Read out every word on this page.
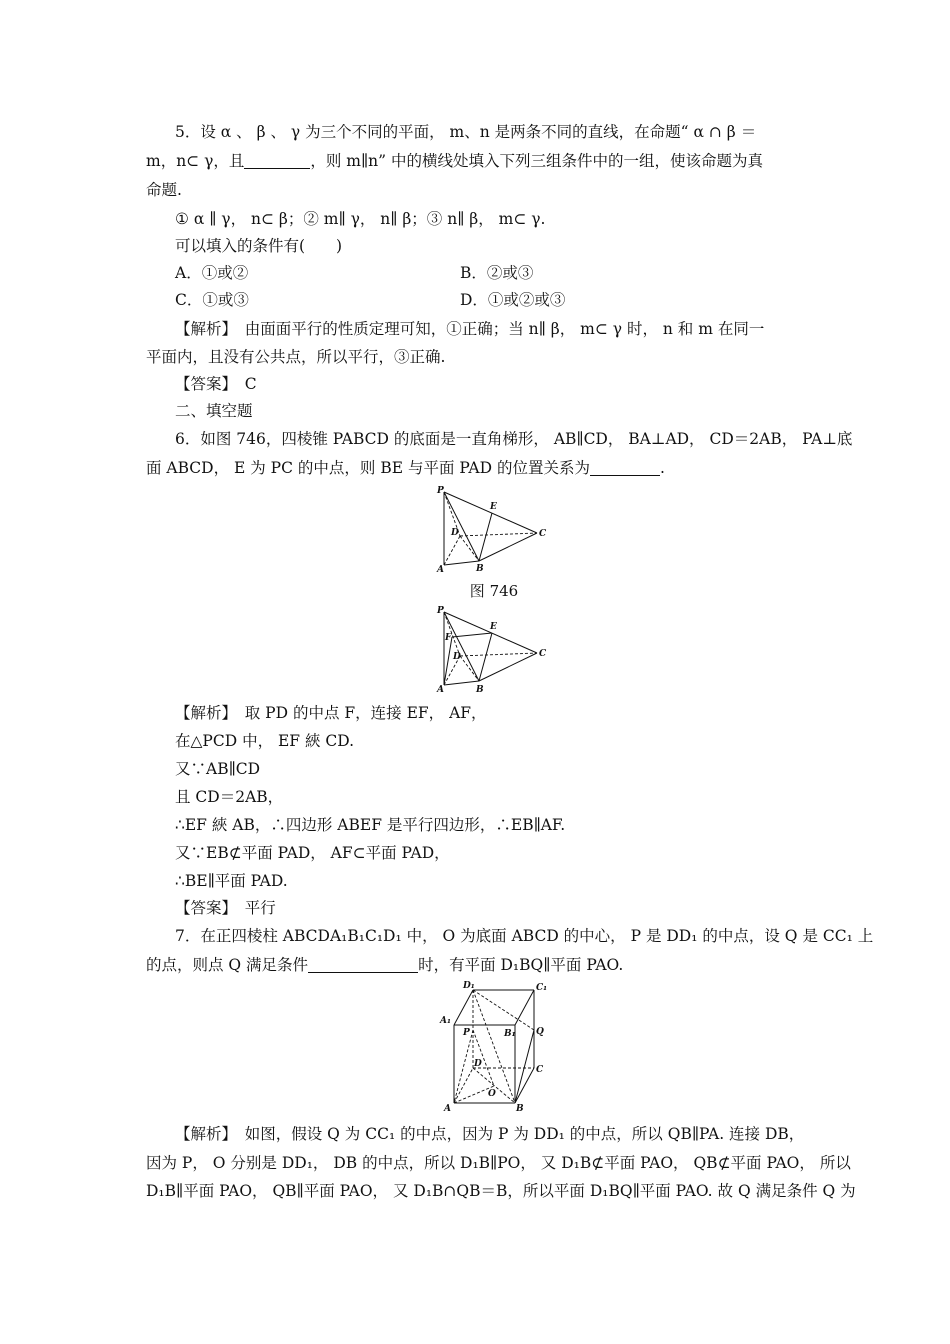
5．设 α 、 β 、 γ 为三个不同的平面， m、n 是两条不同的直线，在命题“ α ∩ β ＝
m，n⊂ γ，且	，则 m∥n” 中的横线处填入下列三组条件中的一组，使该命题为真
命题.
① α ∥ γ， n⊂ β；② m∥ γ， n∥ β；③ n∥ β， m⊂ γ.
可以填入的条件有(　　)
A．①或②	B．②或③
C．①或③	D．①或②或③
【解析】　由面面平行的性质定理可知，①正确；当 n∥ β， m⊂ γ 时， n 和 m 在同一
平面内，且没有公共点，所以平行，③正确.
【答案】　C
二、填空题
6．如图 746，四棱锥 PABCD 的底面是一直角梯形， AB∥CD， BA⊥AD， CD＝2AB， PA⊥底
面 ABCD， E 为 PC 的中点，则 BE 与平面 PAD 的位置关系为	.
P
E
C
D
A	B
图 746
P
F
E
C
D
A	B
【解析】　取 PD 的中点 F，连接 EF， AF，
在△PCD 中， EF 綊 CD.
又∵AB∥CD
且 CD＝2AB，
∴EF 綊 AB，∴四边形 ABEF 是平行四边形，∴EB∥AF.
又∵EB⊄平面 PAD， AF⊂平面 PAD，
∴BE∥平面 PAD.
【答案】　平行
7．在正四棱柱 ABCDA₁B₁C₁D₁ 中， O 为底面 ABCD 的中心， P 是 DD₁ 的中点，设 Q 是 CC₁ 上
的点，则点 Q 满足条件	时，有平面 D₁BQ∥平面 PAO.
D₁	C₁
A₁
B₁
P	Q
D
C
O
A	B
【解析】　如图，假设 Q 为 CC₁ 的中点，因为 P 为 DD₁ 的中点，所以 QB∥PA. 连接 DB，
因为 P， O 分别是 DD₁， DB 的中点，所以 D₁B∥PO， 又 D₁B⊄平面 PAO， QB⊄平面 PAO， 所以
D₁B∥平面 PAO， QB∥平面 PAO， 又 D₁B∩QB＝B，所以平面 D₁BQ∥平面 PAO. 故 Q 满足条件 Q 为
